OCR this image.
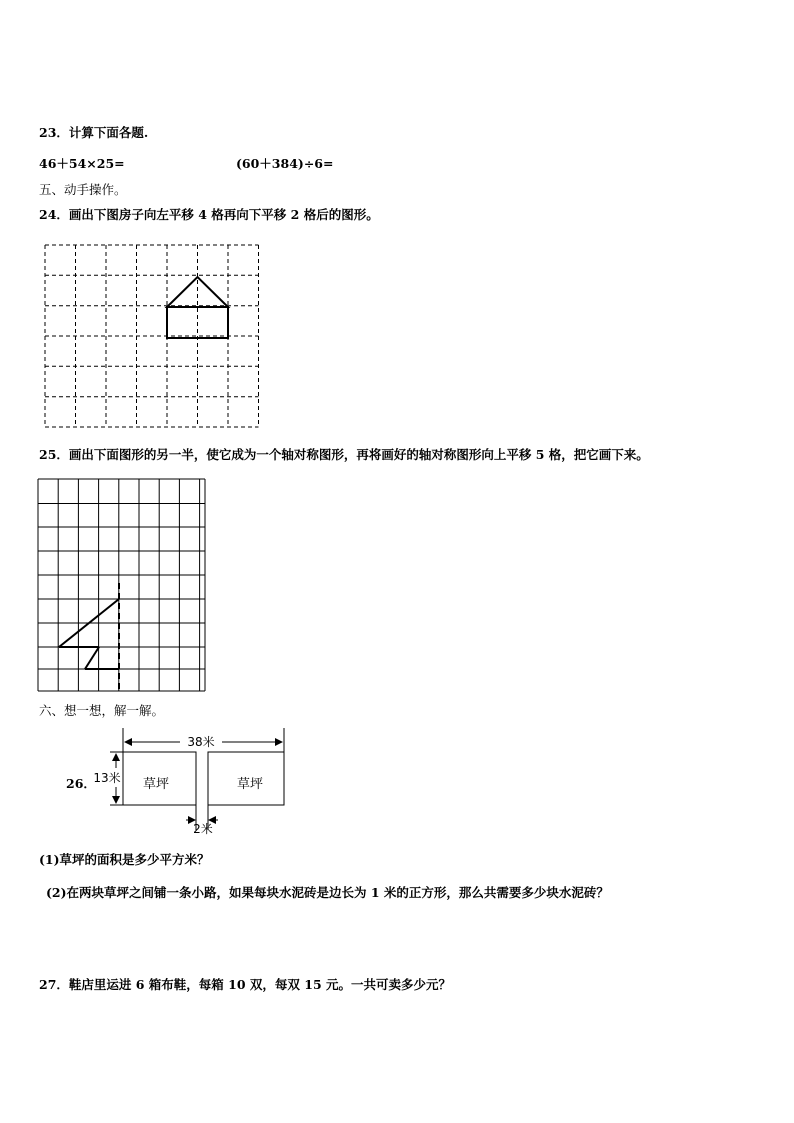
23．计算下面各题.
46＋54×25=	(60＋384)÷6=
五、动手操作。
24．画出下图房子向左平移 4 格再向下平移 2 格后的图形。
25．画出下面图形的另一半，使它成为一个轴对称图形，再将画好的轴对称图形向上平移 5 格，把它画下来。
六、想一想，解一解。
26．
38米
13米
2米
草坪	草坪
(1)草坪的面积是多少平方米？
(2)在两块草坪之间铺一条小路，如果每块水泥砖是边长为 1 米的正方形，那么共需要多少块水泥砖？
27．鞋店里运进 6 箱布鞋，每箱 10 双，每双 15 元。一共可卖多少元？
